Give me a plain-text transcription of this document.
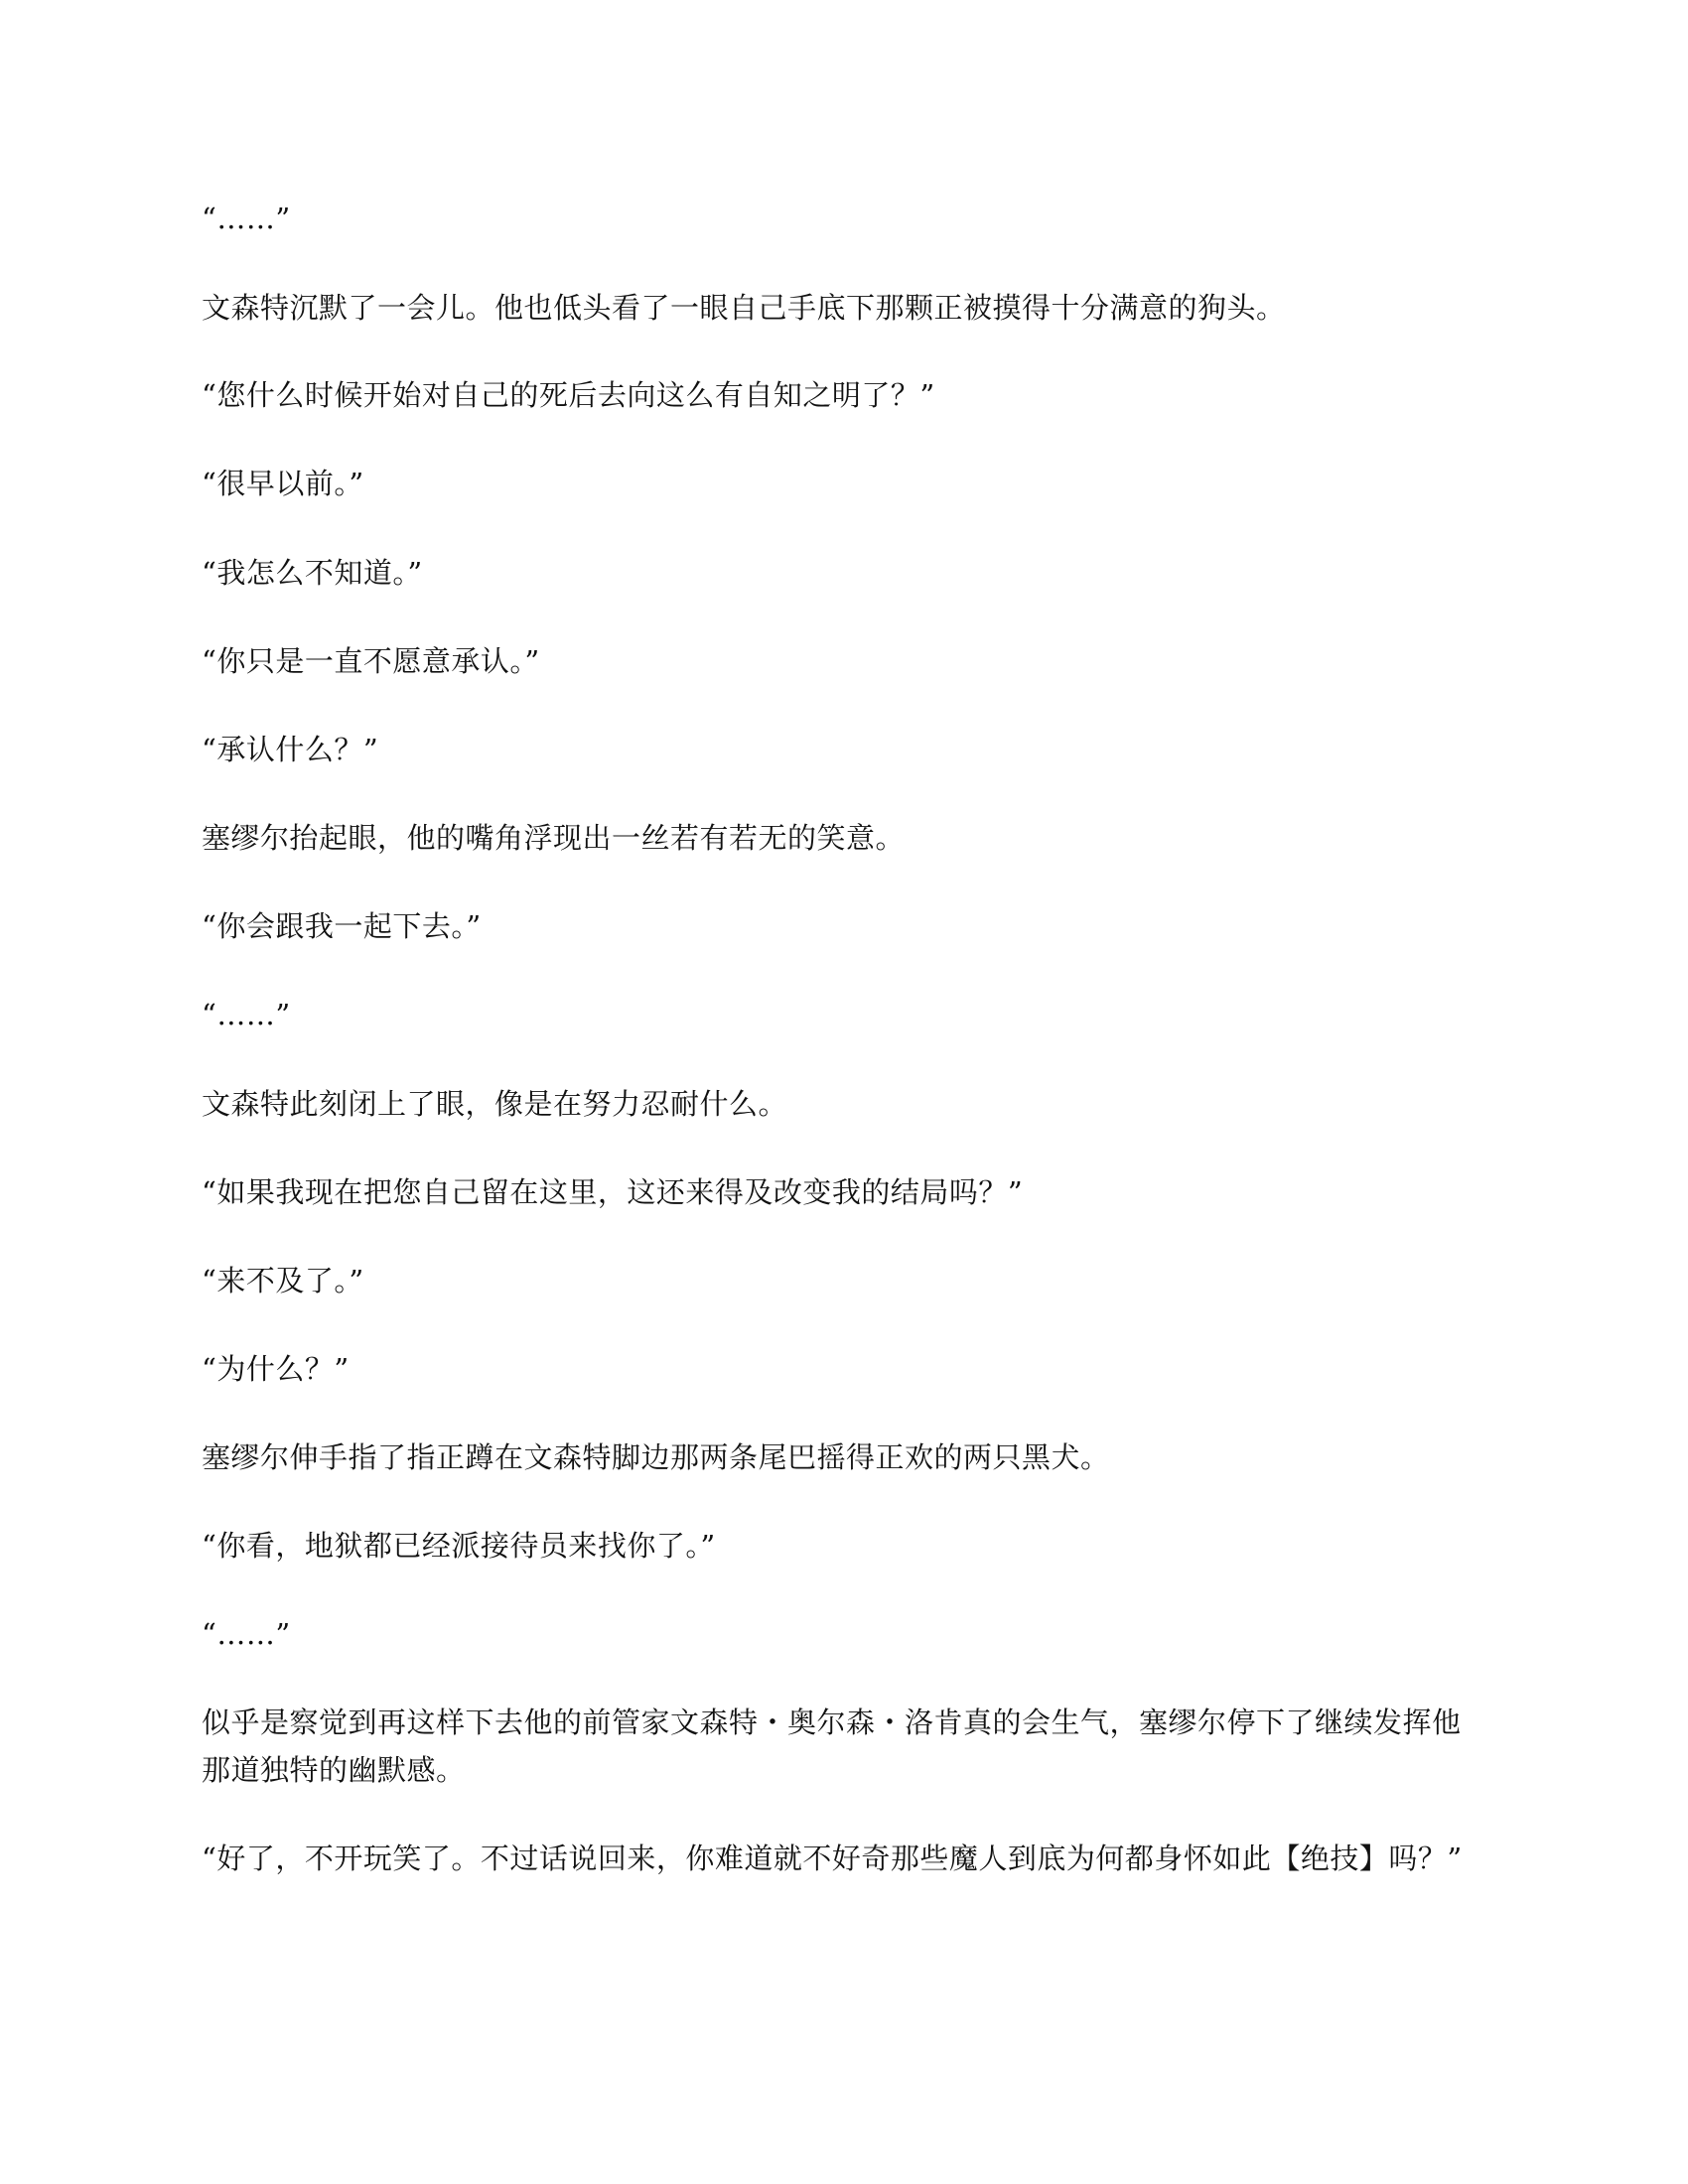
“……”

文森特沉默了一会儿。他也低头看了一眼自己手底下那颗正被摸得十分满意的狗头。

“您什么时候开始对自己的死后去向这么有自知之明了？”

“很早以前。”

“我怎么不知道。”

“你只是一直不愿意承认。”

“承认什么？”

塞缪尔抬起眼，他的嘴角浮现出一丝若有若无的笑意。

“你会跟我一起下去。”

“……”

文森特此刻闭上了眼，像是在努力忍耐什么。

“如果我现在把您自己留在这里，这还来得及改变我的结局吗？”

“来不及了。”

“为什么？”

塞缪尔伸手指了指正蹲在文森特脚边那两条尾巴摇得正欢的两只黑犬。

“你看，地狱都已经派接待员来找你了。”

“……”

似乎是察觉到再这样下去他的前管家文森特・奥尔森・洛肯真的会生气，塞缪尔停下了继续发挥他那道独特的幽默感。

“好了，不开玩笑了。不过话说回来，你难道就不好奇那些魔人到底为何都身怀如此【绝技】吗？”
